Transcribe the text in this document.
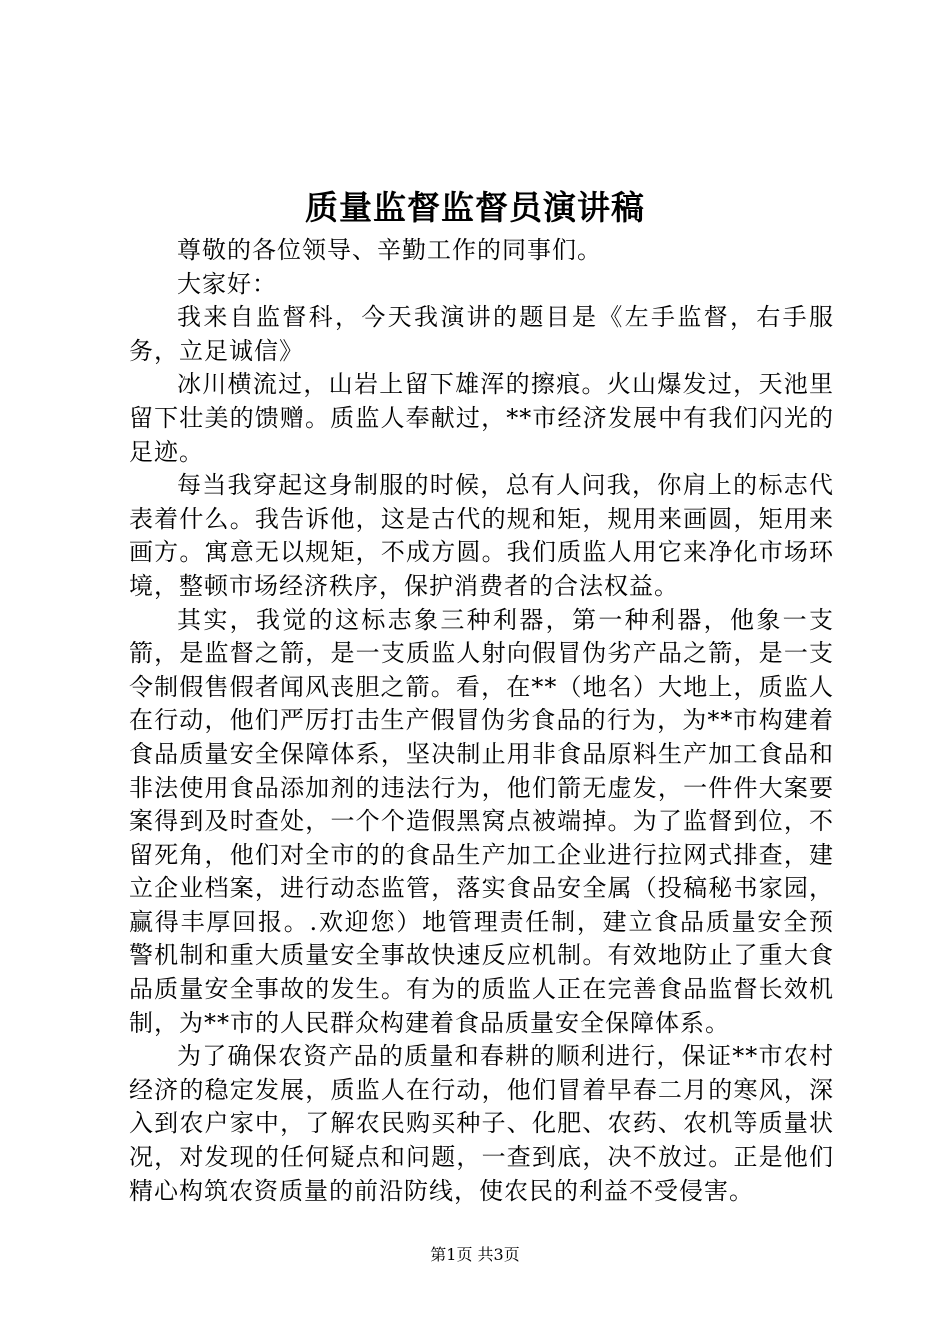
质量监督监督员演讲稿

尊敬的各位领导、辛勤工作的同事们。

大家好：

我来自监督科，今天我演讲的题目是《左手监督，右手服务，立足诚信》

冰川横流过，山岩上留下雄浑的擦痕。火山爆发过，天池里留下壮美的馈赠。质监人奉献过，**市经济发展中有我们闪光的足迹。

每当我穿起这身制服的时候，总有人问我，你肩上的标志代表着什么。我告诉他，这是古代的规和矩，规用来画圆，矩用来画方。寓意无以规矩，不成方圆。我们质监人用它来净化市场环境，整顿市场经济秩序，保护消费者的合法权益。

其实，我觉的这标志象三种利器，第一种利器，他象一支箭，是监督之箭，是一支质监人射向假冒伪劣产品之箭，是一支令制假售假者闻风丧胆之箭。看，在**（地名）大地上，质监人在行动，他们严厉打击生产假冒伪劣食品的行为，为**市构建着食品质量安全保障体系，坚决制止用非食品原料生产加工食品和非法使用食品添加剂的违法行为，他们箭无虚发，一件件大案要案得到及时查处，一个个造假黑窝点被端掉。为了监督到位，不留死角，他们对全市的的食品生产加工企业进行拉网式排查，建立企业档案，进行动态监管，落实食品安全属（投稿秘书家园，赢得丰厚回报。.欢迎您）地管理责任制，建立食品质量安全预警机制和重大质量安全事故快速反应机制。有效地防止了重大食品质量安全事故的发生。有为的质监人正在完善食品监督长效机制，为**市的人民群众构建着食品质量安全保障体系。

为了确保农资产品的质量和春耕的顺利进行，保证**市农村经济的稳定发展，质监人在行动，他们冒着早春二月的寒风，深入到农户家中，了解农民购买种子、化肥、农药、农机等质量状况，对发现的任何疑点和问题，一查到底，决不放过。正是他们精心构筑农资质量的前沿防线，使农民的利益不受侵害。

第1页 共3页
